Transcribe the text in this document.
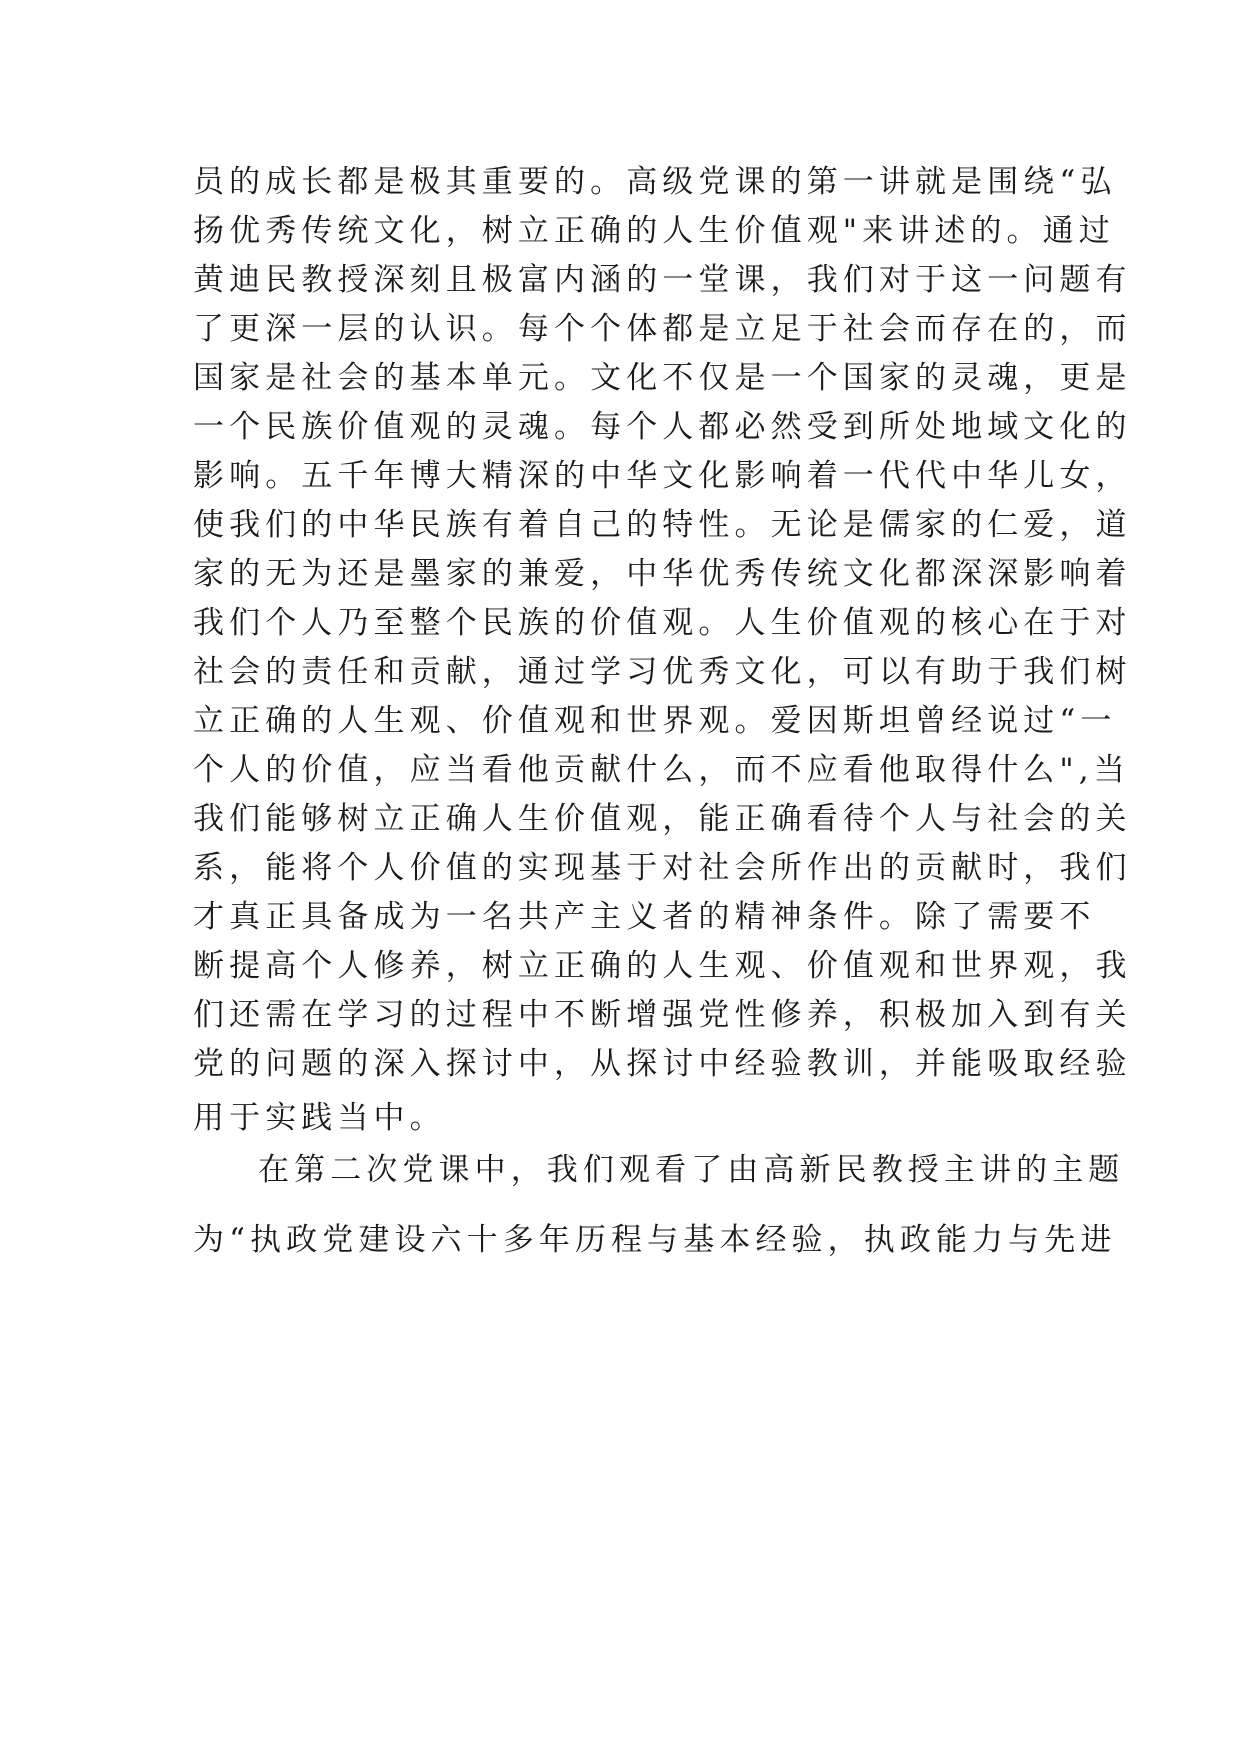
员的成长都是极其重要的。高级党课的第一讲就是围绕“弘
扬优秀传统文化，树立正确的人生价值观"来讲述的。通过
黄迪民教授深刻且极富内涵的一堂课，我们对于这一问题有
了更深一层的认识。每个个体都是立足于社会而存在的，而
国家是社会的基本单元。文化不仅是一个国家的灵魂，更是
一个民族价值观的灵魂。每个人都必然受到所处地域文化的
影响。五千年博大精深的中华文化影响着一代代中华儿女，
使我们的中华民族有着自己的特性。无论是儒家的仁爱，道
家的无为还是墨家的兼爱，中华优秀传统文化都深深影响着
我们个人乃至整个民族的价值观。人生价值观的核心在于对
社会的责任和贡献，通过学习优秀文化，可以有助于我们树
立正确的人生观、价值观和世界观。爱因斯坦曾经说过“一
个人的价值，应当看他贡献什么，而不应看他取得什么",当
我们能够树立正确人生价值观，能正确看待个人与社会的关
系，能将个人价值的实现基于对社会所作出的贡献时，我们
才真正具备成为一名共产主义者的精神条件。除了需要不
断提高个人修养，树立正确的人生观、价值观和世界观，我
们还需在学习的过程中不断增强党性修养，积极加入到有关
党的问题的深入探讨中，从探讨中经验教训，并能吸取经验
用于实践当中。
在第二次党课中，我们观看了由高新民教授主讲的主题
为“执政党建设六十多年历程与基本经验，执政能力与先进
